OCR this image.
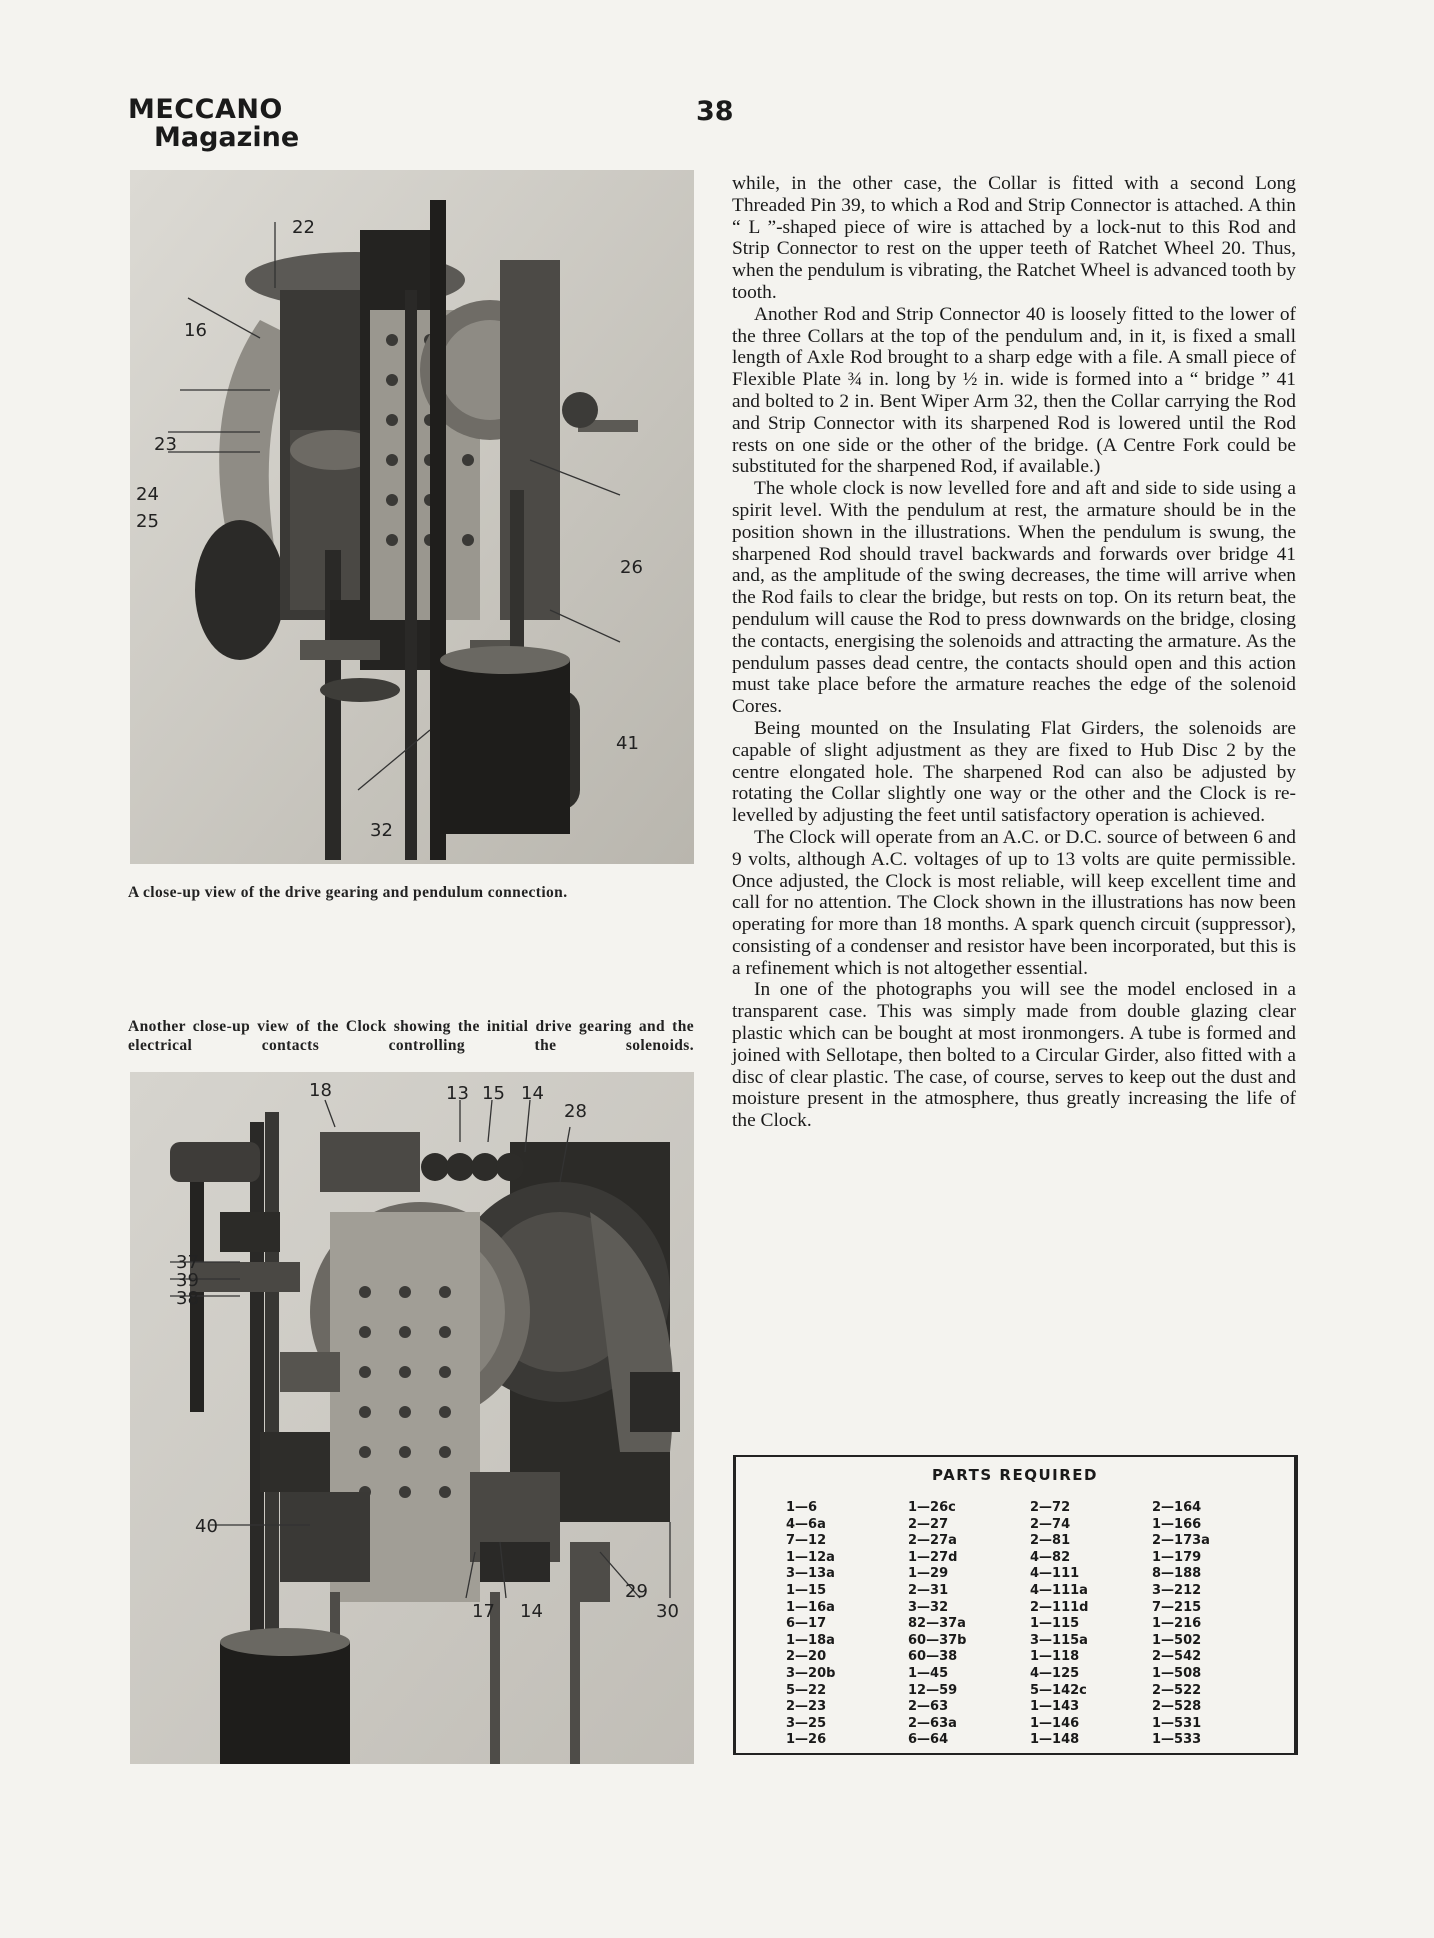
MECCANO
Magazine
38
22
16
23
24
25
26
41
32
A close-up view of the drive gearing and pendulum connection.
Another close-up view of the Clock showing the initial drive gearing and the electrical contacts controlling the solenoids.
18	13 15 14
28
37
39
38
40
17 14
29
30

while, in the other case, the Collar is fitted with a second Long Threaded Pin 39, to which a Rod and Strip Connector is attached. A thin “ L ”-shaped piece of wire is attached by a lock-nut to this Rod and Strip Connector to rest on the upper teeth of Ratchet Wheel 20. Thus, when the pendulum is vibrating, the Ratchet Wheel is advanced tooth by tooth.

Another Rod and Strip Connector 40 is loosely fitted to the lower of the three Collars at the top of the pendulum and, in it, is fixed a small length of Axle Rod brought to a sharp edge with a file. A small piece of Flexible Plate ¾ in. long by ½ in. wide is formed into a “ bridge ” 41 and bolted to 2 in. Bent Wiper Arm 32, then the Collar carrying the Rod and Strip Connector with its sharpened Rod is lowered until the Rod rests on one side or the other of the bridge. (A Centre Fork could be substituted for the sharpened Rod, if available.)

The whole clock is now levelled fore and aft and side to side using a spirit level. With the pendulum at rest, the armature should be in the position shown in the illustrations. When the pendulum is swung, the sharpened Rod should travel backwards and forwards over bridge 41 and, as the amplitude of the swing decreases, the time will arrive when the Rod fails to clear the bridge, but rests on top. On its return beat, the pendulum will cause the Rod to press downwards on the bridge, closing the contacts, energising the solenoids and attracting the armature. As the pendulum passes dead centre, the contacts should open and this action must take place before the armature reaches the edge of the solenoid Cores.

Being mounted on the Insulating Flat Girders, the solenoids are capable of slight adjustment as they are fixed to Hub Disc 2 by the centre elongated hole. The sharpened Rod can also be adjusted by rotating the Collar slightly one way or the other and the Clock is re-levelled by adjusting the feet until satisfactory operation is achieved.

The Clock will operate from an A.C. or D.C. source of between 6 and 9 volts, although A.C. voltages of up to 13 volts are quite permissible. Once adjusted, the Clock is most reliable, will keep excellent time and call for no attention. The Clock shown in the illustrations has now been operating for more than 18 months. A spark quench circuit (suppressor), consisting of a condenser and resistor have been incorporated, but this is a refinement which is not altogether essential.

In one of the photographs you will see the model enclosed in a transparent case. This was simply made from double glazing clear plastic which can be bought at most ironmongers. A tube is formed and joined with Sellotape, then bolted to a Circular Girder, also fitted with a disc of clear plastic. The case, of course, serves to keep out the dust and moisture present in the atmosphere, thus greatly increasing the life of the Clock.

PARTS REQUIRED
1—6
4—6a
7—12
1—12a
3—13a
1—15
1—16a
6—17
1—18a
2—20
3—20b
5—22
2—23
3—25
1—26
1—26c
2—27
2—27a
1—27d
1—29
2—31
3—32
82—37a
60—37b
60—38
1—45
12—59
2—63
2—63a
6—64
2—72
2—74
2—81
4—82
4—111
4—111a
2—111d
1—115
3—115a
1—118
4—125
5—142c
1—143
1—146
1—148
2—164
1—166
2—173a
1—179
8—188
3—212
7—215
1—216
1—502
2—542
1—508
2—522
2—528
1—531
1—533
